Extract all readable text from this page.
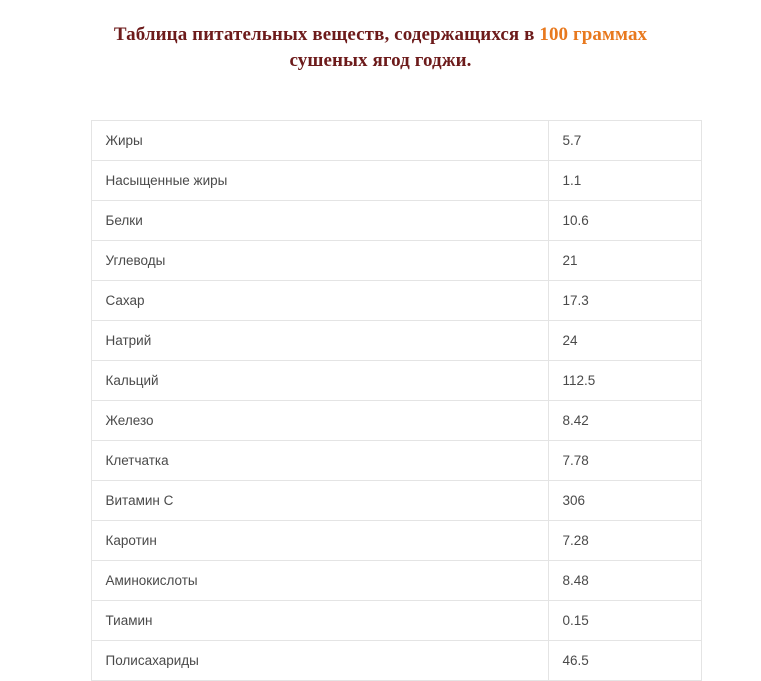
Таблица питательных веществ, содержащихся в 100 граммах
сушеных ягод годжи.
Жиры	5.7
Насыщенные жиры	1.1
Белки	10.6
Углеводы	21
Сахар	17.3
Натрий	24
Кальций	112.5
Железо	8.42
Клетчатка	7.78
Витамин C	306
Каротин	7.28
Аминокислоты	8.48
Тиамин	0.15
Полисахариды	46.5
